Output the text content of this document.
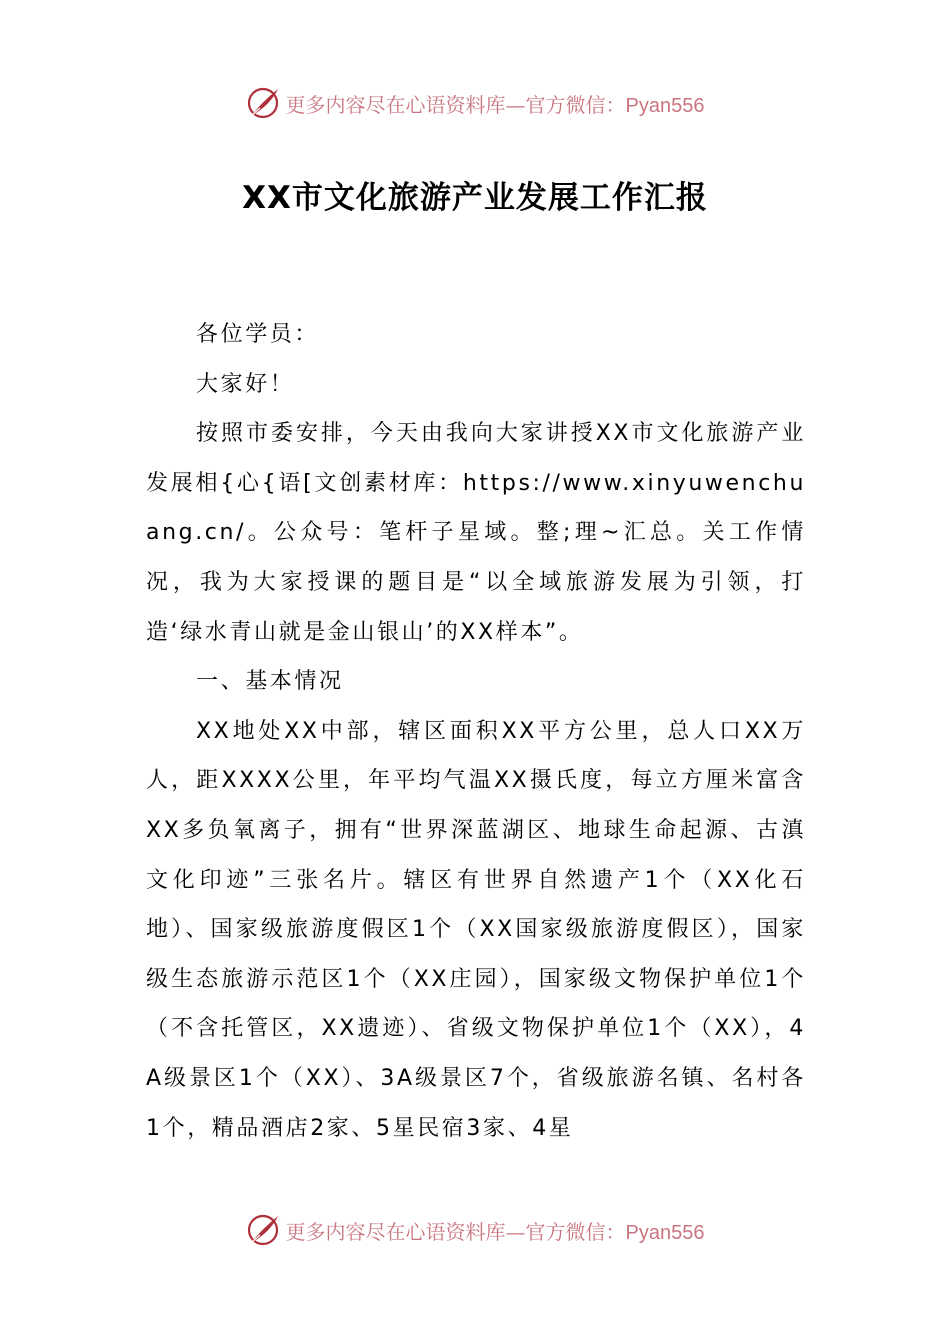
更多内容尽在心语资料库—官方微信：Pyan556
XX市文化旅游产业发展工作汇报

各位学员：

大家好！

按照市委安排，今天由我向大家讲授XX市文化旅游产业发展相{心{语[文创素材库：https://www.xinyuwenchuang.cn/。公众号：笔杆子星域。整;理~汇总。关工作情况，我为大家授课的题目是“以全域旅游发展为引领，打造‘绿水青山就是金山银山’的XX样本”。

一、基本情况

XX地处XX中部，辖区面积XX平方公里，总人口XX万人，距XXXX公里，年平均气温XX摄氏度，每立方厘米富含XX多负氧离子，拥有“世界深蓝湖区、地球生命起源、古滇文化印迹”三张名片。辖区有世界自然遗产1个（XX化石地）、国家级旅游度假区1个（XX国家级旅游度假区），国家级生态旅游示范区1个（XX庄园），国家级文物保护单位1个（不含托管区，XX遗迹）、省级文物保护单位1个（XX），4A级景区1个（XX）、3A级景区7个，省级旅游名镇、名村各1个，精品酒店2家、5星民宿3家、4星

更多内容尽在心语资料库—官方微信：Pyan556
